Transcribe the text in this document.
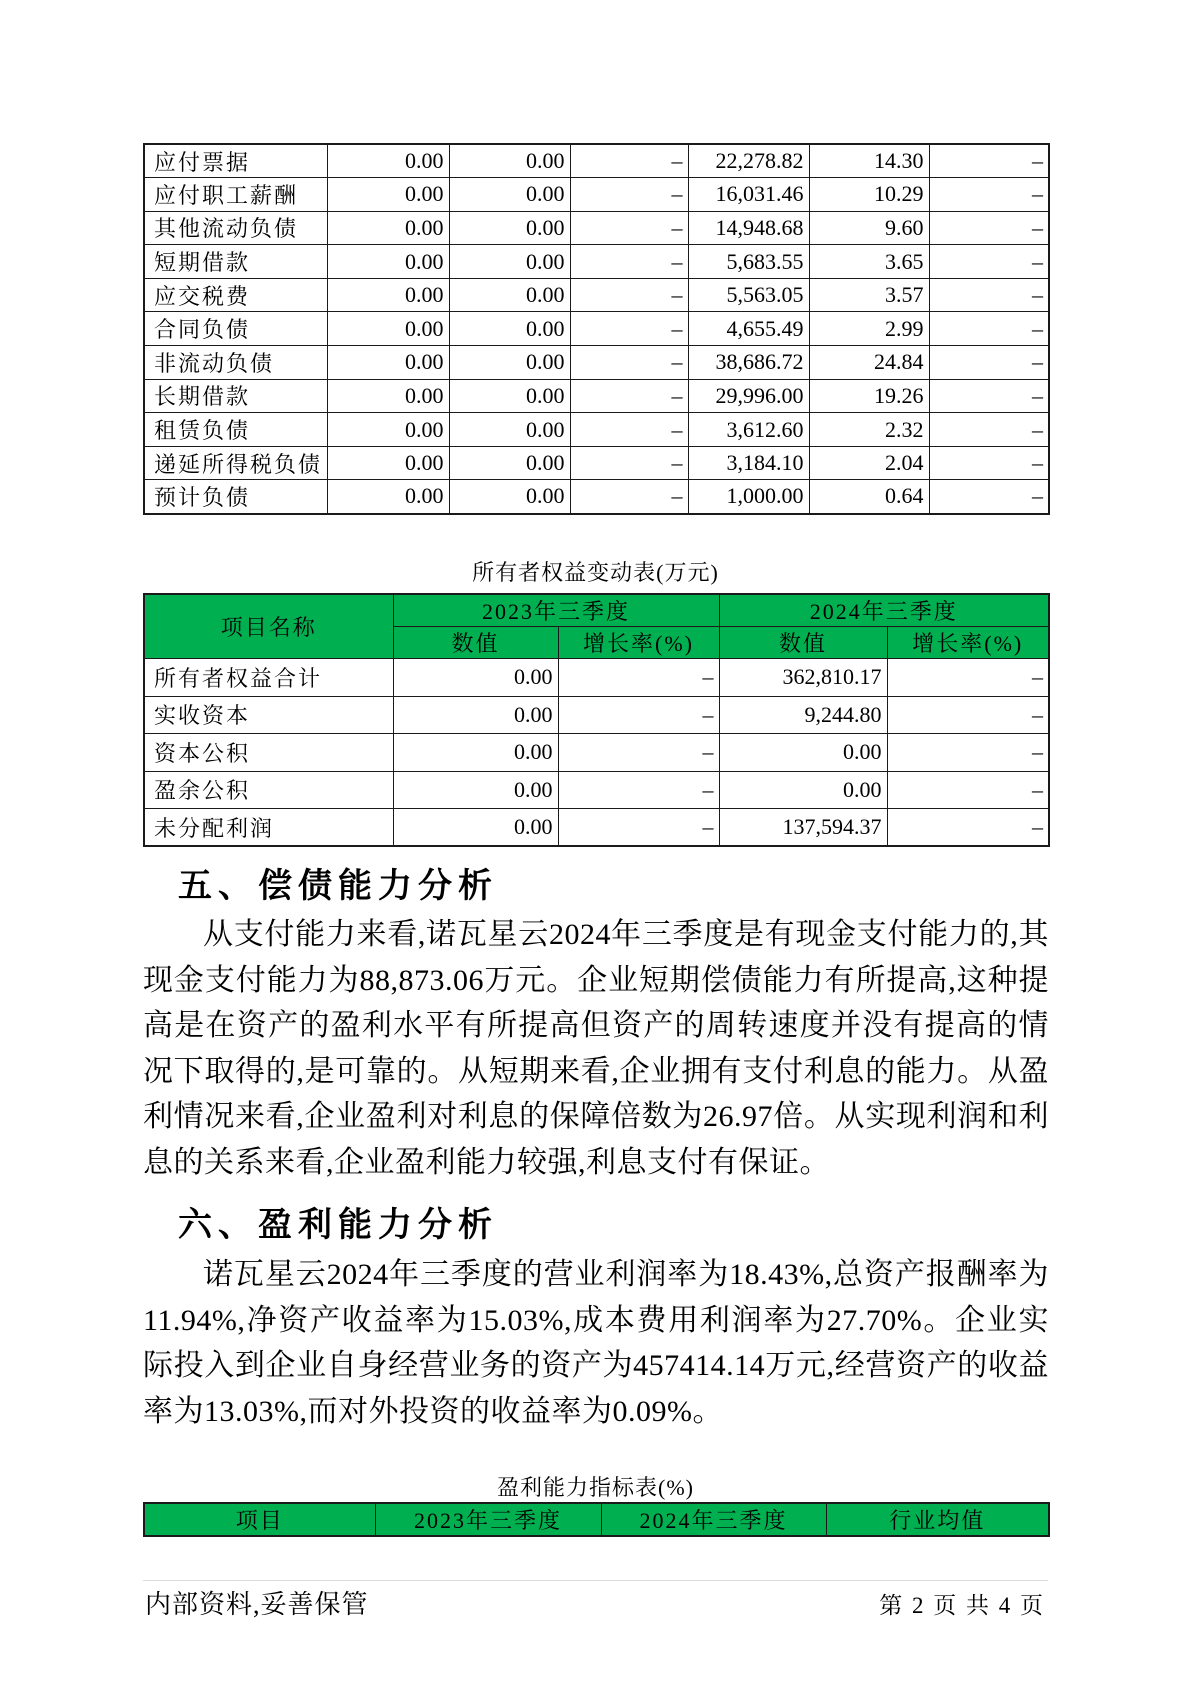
应付票据	0.00	0.00	–	22,278.82	14.30	–
应付职工薪酬	0.00	0.00	–	16,031.46	10.29	–
其他流动负债	0.00	0.00	–	14,948.68	9.60	–
短期借款	0.00	0.00	–	5,683.55	3.65	–
应交税费	0.00	0.00	–	5,563.05	3.57	–
合同负债	0.00	0.00	–	4,655.49	2.99	–
非流动负债	0.00	0.00	–	38,686.72	24.84	–
长期借款	0.00	0.00	–	29,996.00	19.26	–
租赁负债	0.00	0.00	–	3,612.60	2.32	–
递延所得税负债	0.00	0.00	–	3,184.10	2.04	–
预计负债	0.00	0.00	–	1,000.00	0.64	–
所有者权益变动表(万元)
项目名称	2023年三季度		2024年三季度	
	数值	增长率(%)	数值	增长率(%)
所有者权益合计	0.00	–	362,810.17	–
实收资本	0.00	–	9,244.80	–
资本公积	0.00	–	0.00	–
盈余公积	0.00	–	0.00	–
未分配利润	0.00	–	137,594.37	–
五、偿债能力分析
从支付能力来看,诺瓦星云2024年三季度是有现金支付能力的,其现金支付能力为88,873.06万元。企业短期偿债能力有所提高,这种提高是在资产的盈利水平有所提高但资产的周转速度并没有提高的情况下取得的,是可靠的。从短期来看,企业拥有支付利息的能力。从盈利情况来看,企业盈利对利息的保障倍数为26.97倍。从实现利润和利息的关系来看,企业盈利能力较强,利息支付有保证。
六、盈利能力分析
诺瓦星云2024年三季度的营业利润率为18.43%,总资产报酬率为11.94%,净资产收益率为15.03%,成本费用利润率为27.70%。企业实际投入到企业自身经营业务的资产为457414.14万元,经营资产的收益率为13.03%,而对外投资的收益率为0.09%。
盈利能力指标表(%)
项目	2023年三季度	2024年三季度	行业均值
内部资料,妥善保管	第 2 页 共 4 页
